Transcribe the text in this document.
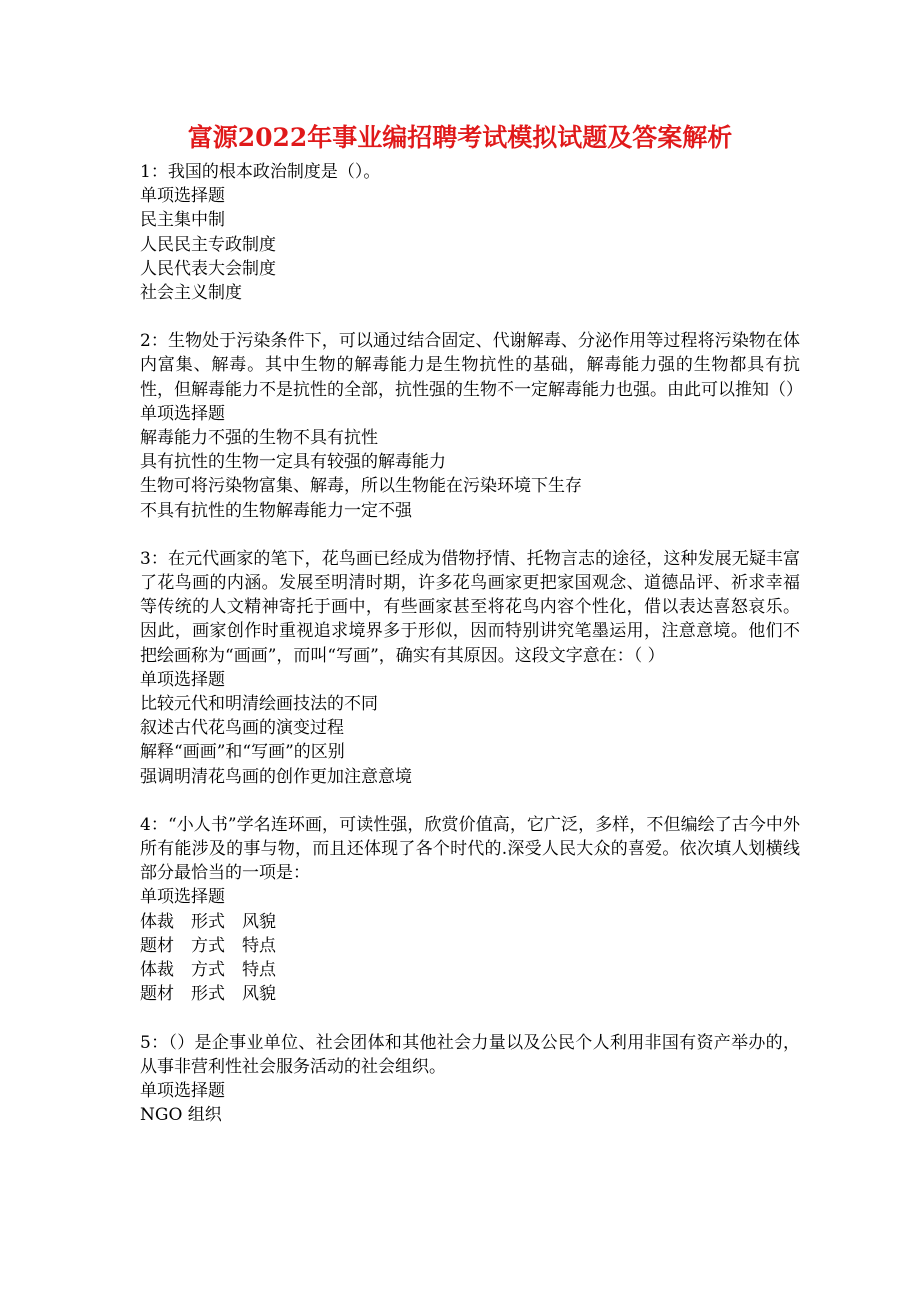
富源2022年事业编招聘考试模拟试题及答案解析

1：我国的根本政治制度是（）。

单项选择题

民主集中制

人民民主专政制度

人民代表大会制度

社会主义制度

2：生物处于污染条件下，可以通过结合固定、代谢解毒、分泌作用等过程将污染物在体内富集、解毒。其中生物的解毒能力是生物抗性的基础，解毒能力强的生物都具有抗性，但解毒能力不是抗性的全部，抗性强的生物不一定解毒能力也强。由此可以推知（）

单项选择题

解毒能力不强的生物不具有抗性

具有抗性的生物一定具有较强的解毒能力

生物可将污染物富集、解毒，所以生物能在污染环境下生存

不具有抗性的生物解毒能力一定不强

3：在元代画家的笔下，花鸟画已经成为借物抒情、托物言志的途径，这种发展无疑丰富了花鸟画的内涵。发展至明清时期，许多花鸟画家更把家国观念、道德品评、祈求幸福等传统的人文精神寄托于画中，有些画家甚至将花鸟内容个性化，借以表达喜怒哀乐。因此，画家创作时重视追求境界多于形似，因而特别讲究笔墨运用，注意意境。他们不把绘画称为“画画”，而叫“写画”，确实有其原因。这段文字意在：（ ）

单项选择题

比较元代和明清绘画技法的不同

叙述古代花鸟画的演变过程

解释“画画”和“写画”的区别

强调明清花鸟画的创作更加注意意境

4：“小人书”学名连环画，可读性强，欣赏价值高，它广泛，多样，不但编绘了古今中外所有能涉及的事与物，而且还体现了各个时代的.深受人民大众的喜爱。依次填人划横线部分最恰当的一项是：

单项选择题

体裁　形式　风貌

题材　方式　特点

体裁　方式　特点

题材　形式　风貌

5：（）是企事业单位、社会团体和其他社会力量以及公民个人利用非国有资产举办的，从事非营利性社会服务活动的社会组织。

单项选择题

NGO 组织
